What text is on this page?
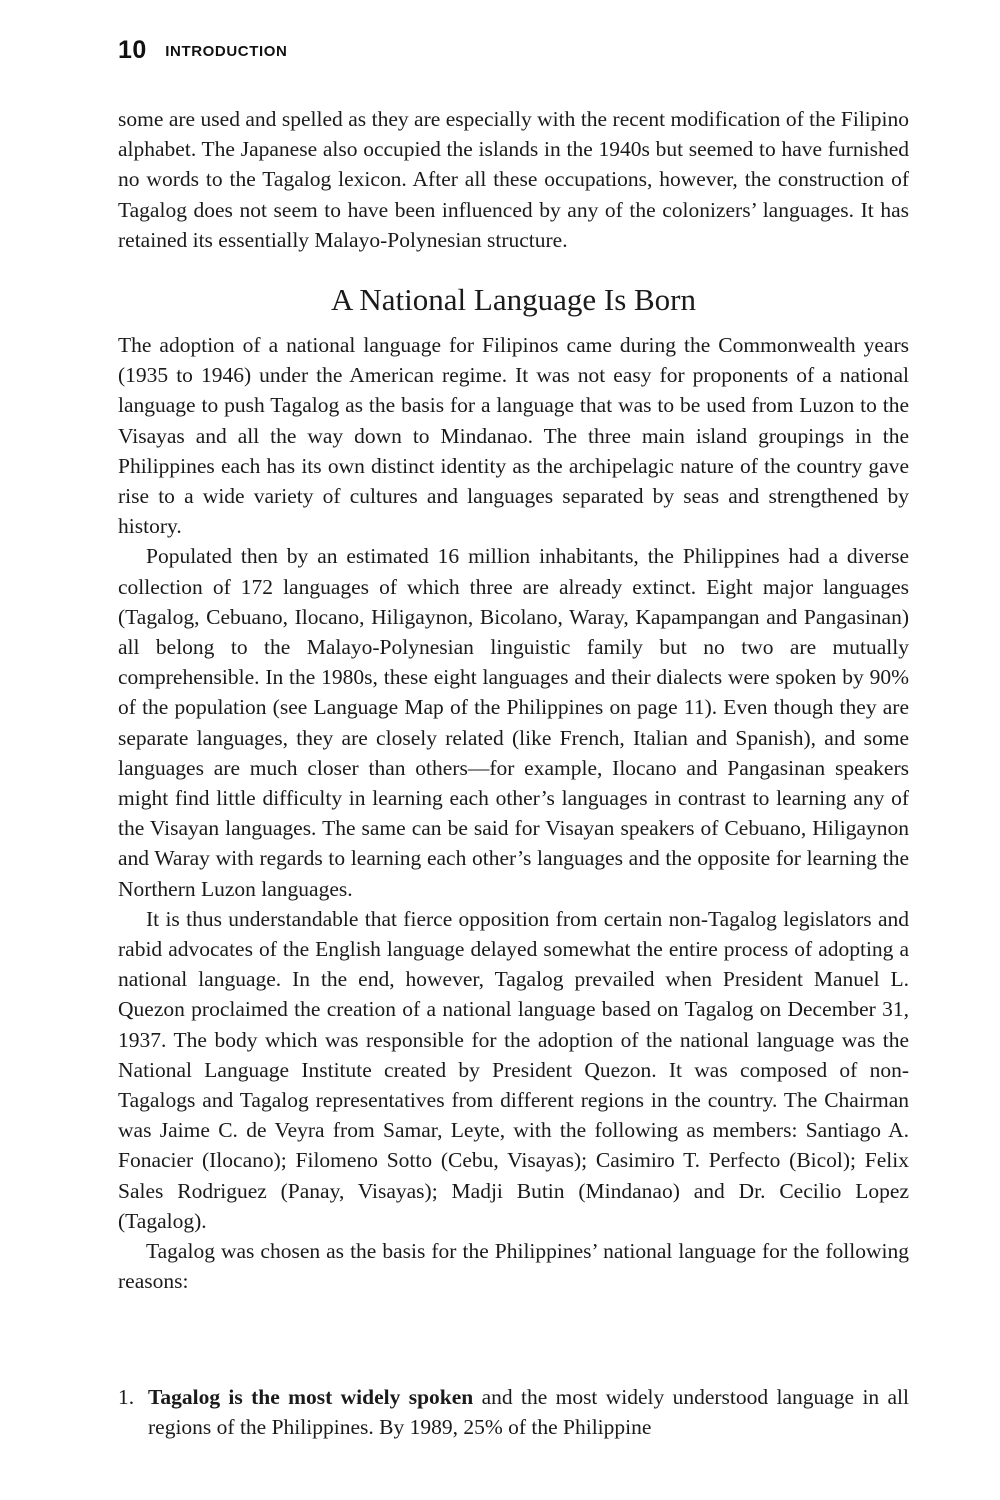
10 INTRODUCTION

some are used and spelled as they are especially with the recent modification of the Filipino alphabet. The Japanese also occupied the islands in the 1940s but seemed to have furnished no words to the Tagalog lexicon. After all these occupations, however, the construction of Tagalog does not seem to have been influenced by any of the colonizers’ languages. It has retained its essentially Malayo-Polynesian structure.

A National Language Is Born

The adoption of a national language for Filipinos came during the Commonwealth years (1935 to 1946) under the American regime. It was not easy for proponents of a national language to push Tagalog as the basis for a language that was to be used from Luzon to the Visayas and all the way down to Mindanao. The three main island groupings in the Philippines each has its own distinct identity as the archipelagic nature of the country gave rise to a wide variety of cultures and languages separated by seas and strengthened by history.

Populated then by an estimated 16 million inhabitants, the Philippines had a diverse collection of 172 languages of which three are already extinct. Eight major languages (Tagalog, Cebuano, Ilocano, Hiligaynon, Bicolano, Waray, Kapampangan and Pangasinan) all belong to the Malayo-Polynesian linguistic family but no two are mutually comprehensible. In the 1980s, these eight languages and their dialects were spoken by 90% of the population (see Language Map of the Philippines on page 11). Even though they are separate languages, they are closely related (like French, Italian and Spanish), and some languages are much closer than others—for example, Ilocano and Pangasinan speakers might find little difficulty in learning each other’s languages in contrast to learning any of the Visayan languages. The same can be said for Visayan speakers of Cebuano, Hiligaynon and Waray with regards to learning each other’s languages and the opposite for learning the Northern Luzon languages.

It is thus understandable that fierce opposition from certain non-Tagalog legislators and rabid advocates of the English language delayed somewhat the entire process of adopting a national language. In the end, however, Tagalog prevailed when President Manuel L. Quezon proclaimed the creation of a national language based on Tagalog on December 31, 1937. The body which was responsible for the adoption of the national language was the National Language Institute created by President Quezon. It was composed of non-Tagalogs and Tagalog representatives from different regions in the country. The Chairman was Jaime C. de Veyra from Samar, Leyte, with the following as members: Santiago A. Fonacier (Ilocano); Filomeno Sotto (Cebu, Visayas); Casimiro T. Perfecto (Bicol); Felix Sales Rodriguez (Panay, Visayas); Madji Butin (Mindanao) and Dr. Cecilio Lopez (Tagalog).

Tagalog was chosen as the basis for the Philippines’ national language for the following reasons:

1. Tagalog is the most widely spoken and the most widely understood language in all regions of the Philippines. By 1989, 25% of the Philippine
